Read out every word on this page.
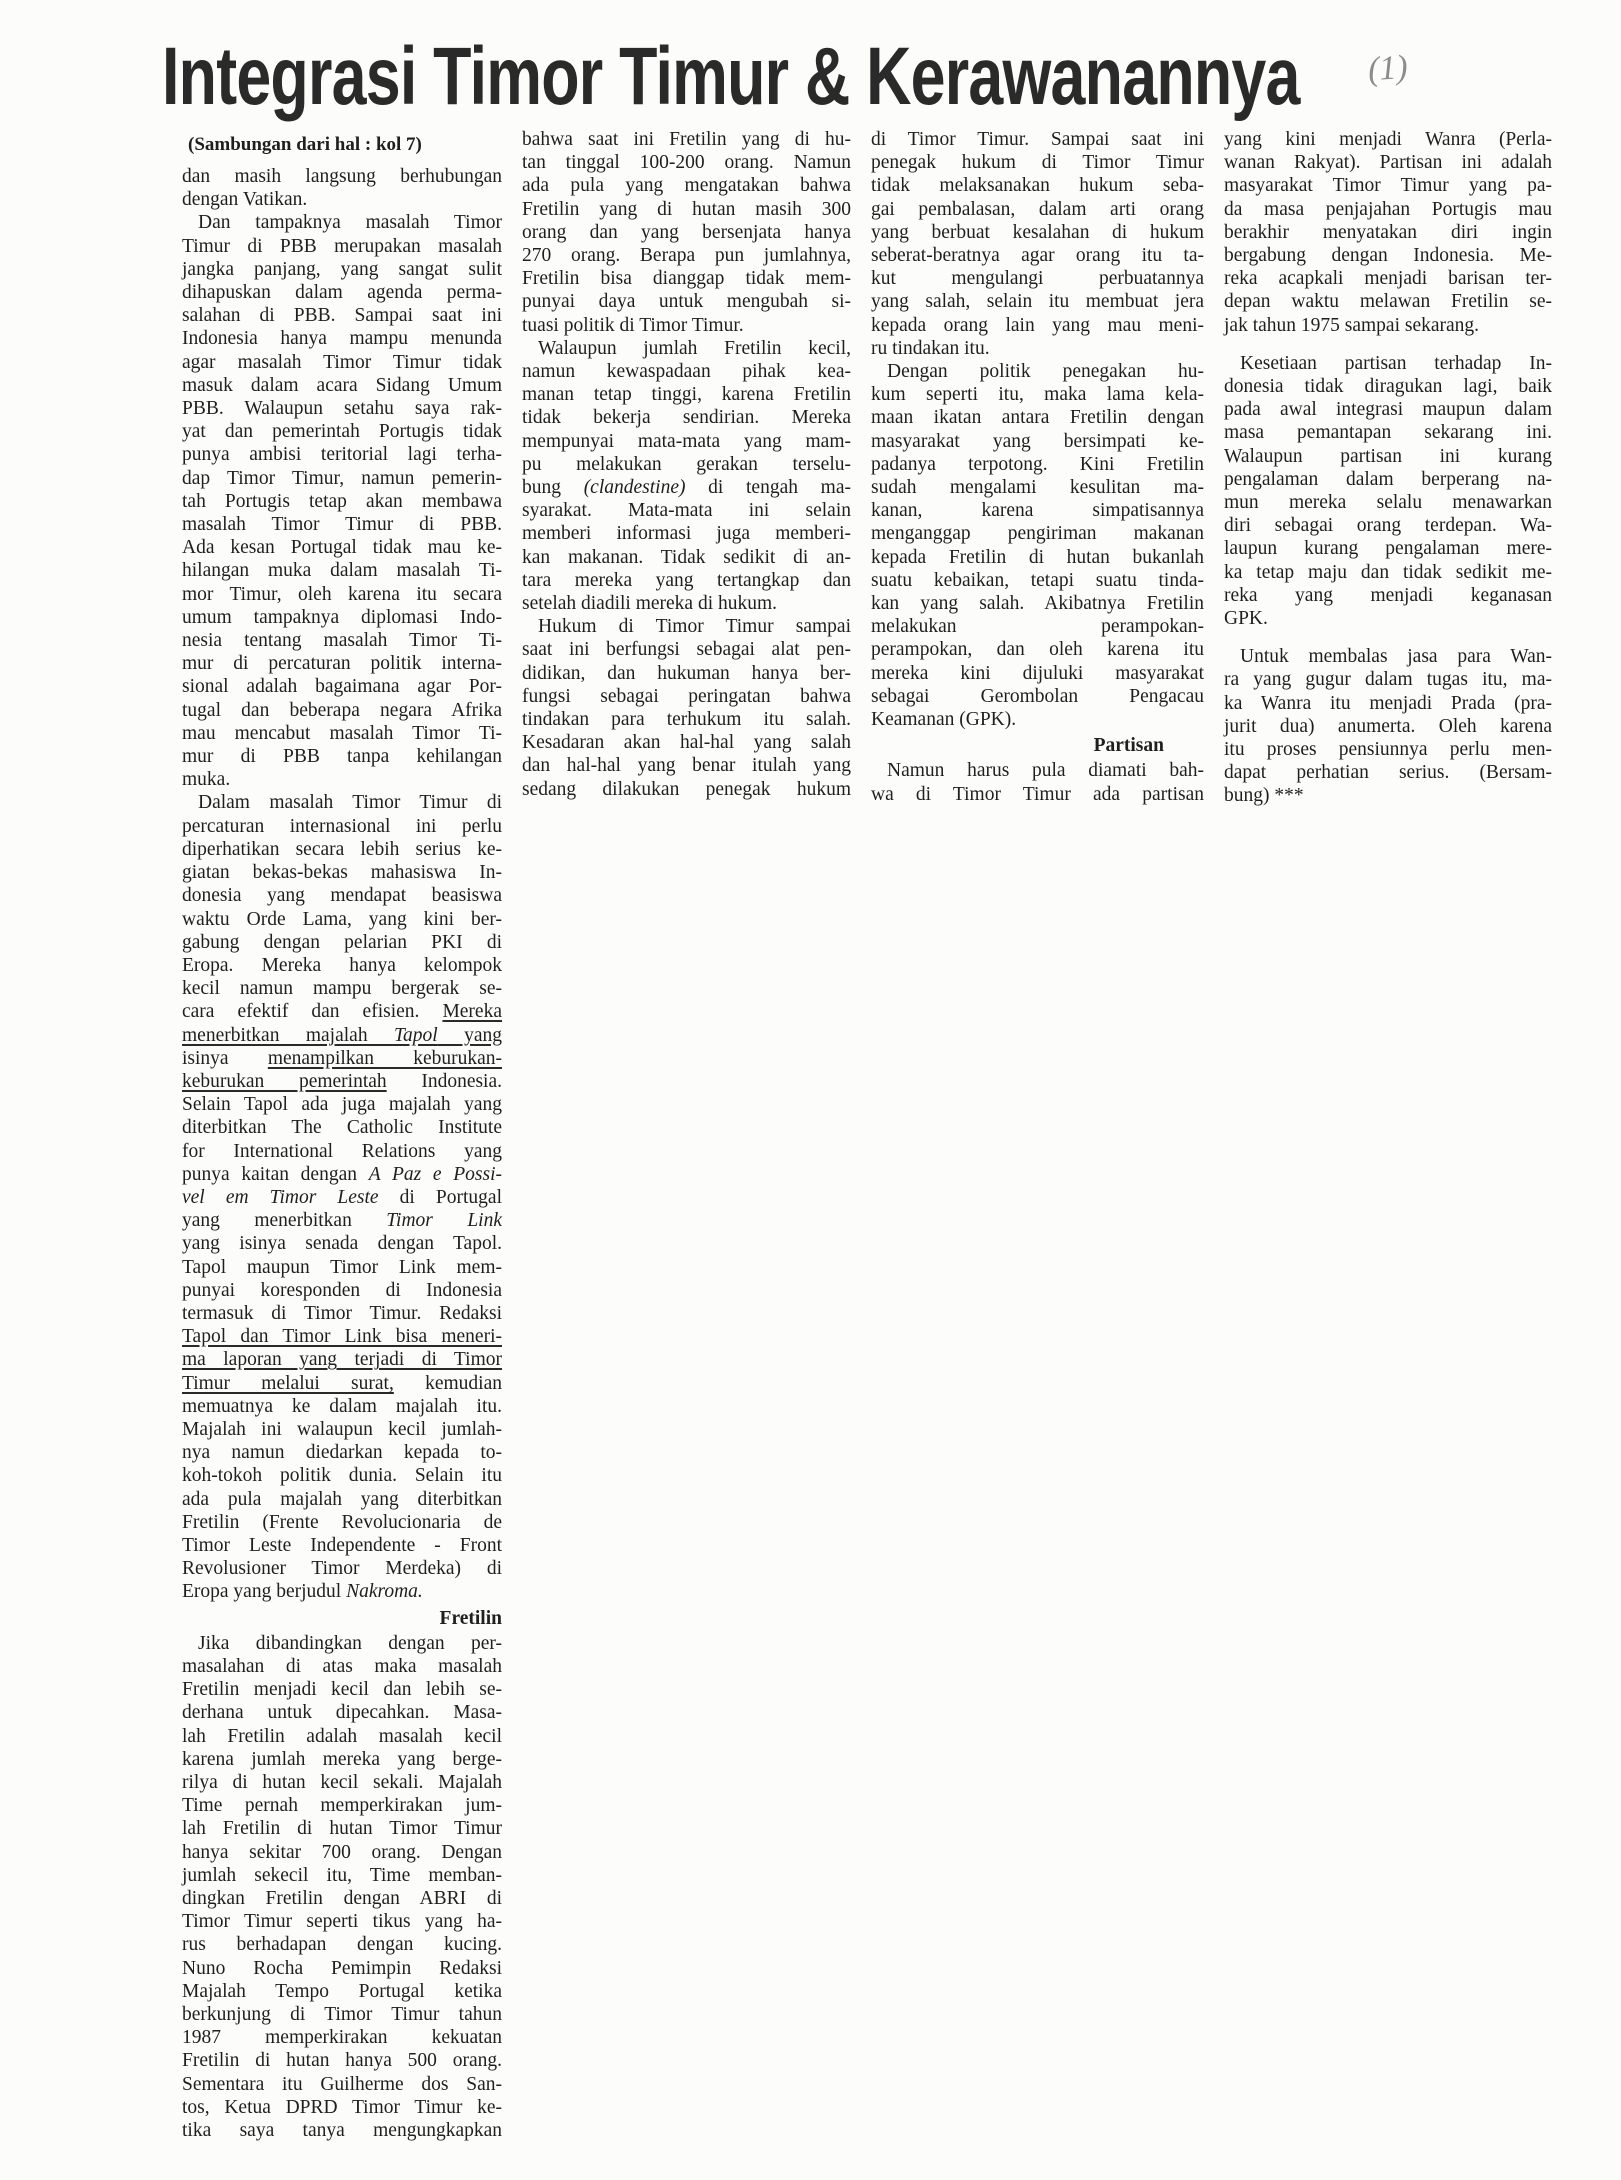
Integrasi Timor Timur & Kerawanannya (1)
(Sambungan dari hal : kol 7)
dan masih langsung berhubungan
dengan Vatikan.
Dan tampaknya masalah Timor
Timur di PBB merupakan masalah
jangka panjang, yang sangat sulit
dihapuskan dalam agenda perma-
salahan di PBB. Sampai saat ini
Indonesia hanya mampu menunda
agar masalah Timor Timur tidak
masuk dalam acara Sidang Umum
PBB. Walaupun setahu saya rak-
yat dan pemerintah Portugis tidak
punya ambisi teritorial lagi terha-
dap Timor Timur, namun pemerin-
tah Portugis tetap akan membawa
masalah Timor Timur di PBB.
Ada kesan Portugal tidak mau ke-
hilangan muka dalam masalah Ti-
mor Timur, oleh karena itu secara
umum tampaknya diplomasi Indo-
nesia tentang masalah Timor Ti-
mur di percaturan politik interna-
sional adalah bagaimana agar Por-
tugal dan beberapa negara Afrika
mau mencabut masalah Timor Ti-
mur di PBB tanpa kehilangan
muka.
Dalam masalah Timor Timur di
percaturan internasional ini perlu
diperhatikan secara lebih serius ke-
giatan bekas-bekas mahasiswa In-
donesia yang mendapat beasiswa
waktu Orde Lama, yang kini ber-
gabung dengan pelarian PKI di
Eropa. Mereka hanya kelompok
kecil namun mampu bergerak se-
cara efektif dan efisien. Mereka
menerbitkan majalah Tapol yang
isinya menampilkan keburukan-
keburukan pemerintah Indonesia.
Selain Tapol ada juga majalah yang
diterbitkan The Catholic Institute
for International Relations yang
punya kaitan dengan A Paz e Possi-
vel em Timor Leste di Portugal
yang menerbitkan Timor Link
yang isinya senada dengan Tapol.
Tapol maupun Timor Link mem-
punyai koresponden di Indonesia
termasuk di Timor Timur. Redaksi
Tapol dan Timor Link bisa meneri-
ma laporan yang terjadi di Timor
Timur melalui surat, kemudian
memuatnya ke dalam majalah itu.
Majalah ini walaupun kecil jumlah-
nya namun diedarkan kepada to-
koh-tokoh politik dunia. Selain itu
ada pula majalah yang diterbitkan
Fretilin (Frente Revolucionaria de
Timor Leste Independente - Front
Revolusioner Timor Merdeka) di
Eropa yang berjudul Nakroma.
Fretilin
Jika dibandingkan dengan per-
masalahan di atas maka masalah
Fretilin menjadi kecil dan lebih se-
derhana untuk dipecahkan. Masa-
lah Fretilin adalah masalah kecil
karena jumlah mereka yang berge-
rilya di hutan kecil sekali. Majalah
Time pernah memperkirakan jum-
lah Fretilin di hutan Timor Timur
hanya sekitar 700 orang. Dengan
jumlah sekecil itu, Time memban-
dingkan Fretilin dengan ABRI di
Timor Timur seperti tikus yang ha-
rus berhadapan dengan kucing.
Nuno Rocha Pemimpin Redaksi
Majalah Tempo Portugal ketika
berkunjung di Timor Timur tahun
1987 memperkirakan kekuatan
Fretilin di hutan hanya 500 orang.
Sementara itu Guilherme dos San-
tos, Ketua DPRD Timor Timur ke-
tika saya tanya mengungkapkan
bahwa saat ini Fretilin yang di hu-
tan tinggal 100-200 orang. Namun
ada pula yang mengatakan bahwa
Fretilin yang di hutan masih 300
orang dan yang bersenjata hanya
270 orang. Berapa pun jumlahnya,
Fretilin bisa dianggap tidak mem-
punyai daya untuk mengubah si-
tuasi politik di Timor Timur.
Walaupun jumlah Fretilin kecil,
namun kewaspadaan pihak kea-
manan tetap tinggi, karena Fretilin
tidak bekerja sendirian. Mereka
mempunyai mata-mata yang mam-
pu melakukan gerakan terselu-
bung (clandestine) di tengah ma-
syarakat. Mata-mata ini selain
memberi informasi juga memberi-
kan makanan. Tidak sedikit di an-
tara mereka yang tertangkap dan
setelah diadili mereka di hukum.
Hukum di Timor Timur sampai
saat ini berfungsi sebagai alat pen-
didikan, dan hukuman hanya ber-
fungsi sebagai peringatan bahwa
tindakan para terhukum itu salah.
Kesadaran akan hal-hal yang salah
dan hal-hal yang benar itulah yang
sedang dilakukan penegak hukum
di Timor Timur. Sampai saat ini
penegak hukum di Timor Timur
tidak melaksanakan hukum seba-
gai pembalasan, dalam arti orang
yang berbuat kesalahan di hukum
seberat-beratnya agar orang itu ta-
kut mengulangi perbuatannya
yang salah, selain itu membuat jera
kepada orang lain yang mau meni-
ru tindakan itu.
Dengan politik penegakan hu-
kum seperti itu, maka lama kela-
maan ikatan antara Fretilin dengan
masyarakat yang bersimpati ke-
padanya terpotong. Kini Fretilin
sudah mengalami kesulitan ma-
kanan, karena simpatisannya
menganggap pengiriman makanan
kepada Fretilin di hutan bukanlah
suatu kebaikan, tetapi suatu tinda-
kan yang salah. Akibatnya Fretilin
melakukan perampokan-
perampokan, dan oleh karena itu
mereka kini dijuluki masyarakat
sebagai Gerombolan Pengacau
Keamanan (GPK).
Partisan
Namun harus pula diamati bah-
wa di Timor Timur ada partisan
yang kini menjadi Wanra (Perla-
wanan Rakyat). Partisan ini adalah
masyarakat Timor Timur yang pa-
da masa penjajahan Portugis mau
berakhir menyatakan diri ingin
bergabung dengan Indonesia. Me-
reka acapkali menjadi barisan ter-
depan waktu melawan Fretilin se-
jak tahun 1975 sampai sekarang.
Kesetiaan partisan terhadap In-
donesia tidak diragukan lagi, baik
pada awal integrasi maupun dalam
masa pemantapan sekarang ini.
Walaupun partisan ini kurang
pengalaman dalam berperang na-
mun mereka selalu menawarkan
diri sebagai orang terdepan. Wa-
laupun kurang pengalaman mere-
ka tetap maju dan tidak sedikit me-
reka yang menjadi keganasan
GPK.
Untuk membalas jasa para Wan-
ra yang gugur dalam tugas itu, ma-
ka Wanra itu menjadi Prada (pra-
jurit dua) anumerta. Oleh karena
itu proses pensiunnya perlu men-
dapat perhatian serius. (Bersam-
bung) ***
